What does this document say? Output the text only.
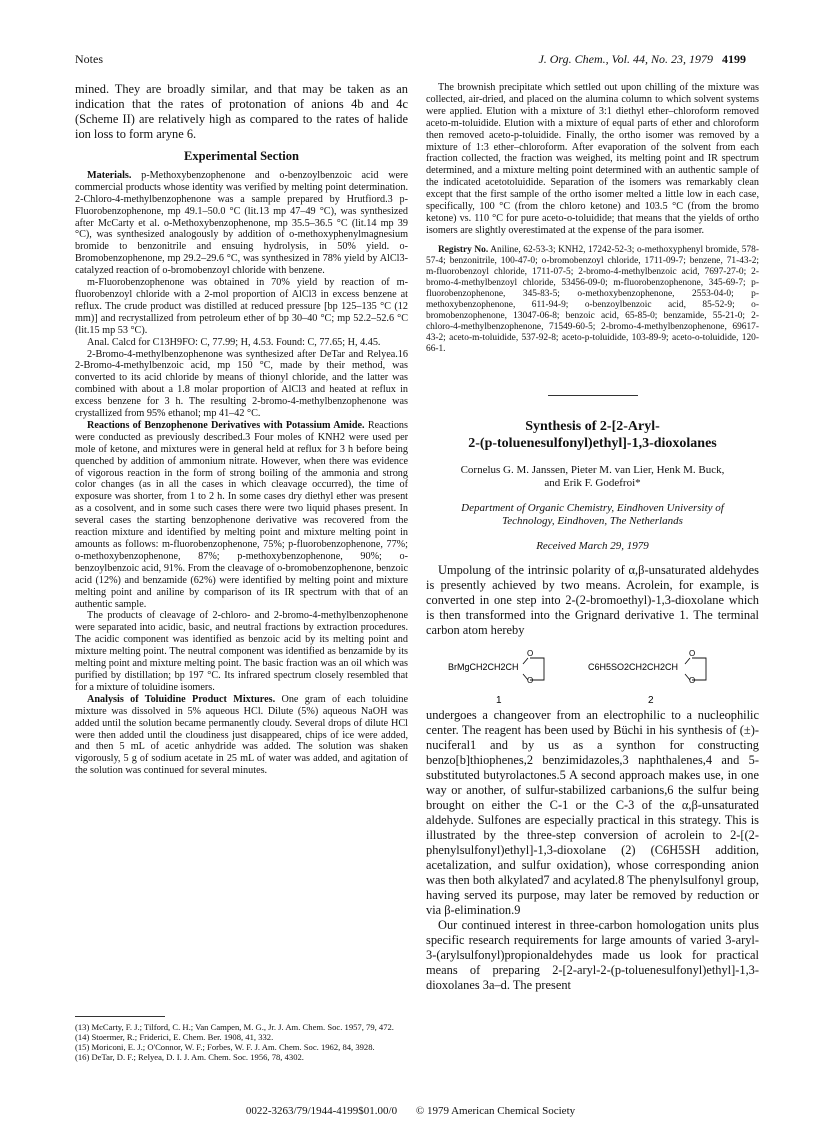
Notes	J. Org. Chem., Vol. 44, No. 23, 1979 4199

mined. They are broadly similar, and that may be taken as an indication that the rates of protonation of anions 4b and 4c (Scheme II) are relatively high as compared to the rates of halide ion loss to form aryne 6.

Experimental Section

Materials. p-Methoxybenzophenone and o-benzoylbenzoic acid were commercial products whose identity was verified by melting point determination. 2-Chloro-4-methylbenzophenone was a sample prepared by Hrutfiord.3 p-Fluorobenzophenone, mp 49.1–50.0 °C (lit.13 mp 47–49 °C), was synthesized after McCarty et al. o-Methoxybenzophenone, mp 35.5–36.5 °C (lit.14 mp 39 °C), was synthesized analogously by addition of o-methoxyphenylmagnesium bromide to benzonitrile and ensuing hydrolysis, in 50% yield. o-Bromobenzophenone, mp 29.2–29.6 °C, was synthesized in 78% yield by AlCl3-catalyzed reaction of o-bromobenzoyl chloride with benzene.

m-Fluorobenzophenone was obtained in 70% yield by reaction of m-fluorobenzoyl chloride with a 2-mol proportion of AlCl3 in excess benzene at reflux. The crude product was distilled at reduced pressure [bp 125–135 °C (12 mm)] and recrystallized from petroleum ether of bp 30–40 °C; mp 52.2–52.6 °C (lit.15 mp 53 °C).

Anal. Calcd for C13H9FO: C, 77.99; H, 4.53. Found: C, 77.65; H, 4.45.

2-Bromo-4-methylbenzophenone was synthesized after DeTar and Relyea.16 2-Bromo-4-methylbenzoic acid, mp 150 °C, made by their method, was converted to its acid chloride by means of thionyl chloride, and the latter was combined with about a 1.8 molar proportion of AlCl3 and heated at reflux in excess benzene for 3 h. The resulting 2-bromo-4-methylbenzophenone was crystallized from 95% ethanol; mp 41–42 °C.

Reactions of Benzophenone Derivatives with Potassium Amide. Reactions were conducted as previously described.3 Four moles of KNH2 were used per mole of ketone, and mixtures were in general held at reflux for 3 h before being quenched by addition of ammonium nitrate. However, when there was evidence of vigorous reaction in the form of strong boiling of the ammonia and strong color changes (as in all the cases in which cleavage occurred), the time of exposure was shorter, from 1 to 2 h. In some cases dry diethyl ether was present as a cosolvent, and in some such cases there were two liquid phases present. In several cases the starting benzophenone derivative was recovered from the reaction mixture and identified by melting point and mixture melting point in amounts as follows: m-fluorobenzophenone, 75%; p-fluorobenzophenone, 77%; o-methoxybenzophenone, 87%; p-methoxybenzophenone, 90%; o-benzoylbenzoic acid, 91%. From the cleavage of o-bromobenzophenone, benzoic acid (12%) and benzamide (62%) were identified by melting point and mixture melting point and aniline by comparison of its IR spectrum with that of an authentic sample.

The products of cleavage of 2-chloro- and 2-bromo-4-methylbenzophenone were separated into acidic, basic, and neutral fractions by extraction procedures. The acidic component was identified as benzoic acid by its melting point and mixture melting point. The neutral component was identified as benzamide by its melting point and mixture melting point. The basic fraction was an oil which was purified by distillation; bp 197 °C. Its infrared spectrum closely resembled that for a mixture of toluidine isomers.

Analysis of Toluidine Product Mixtures. One gram of each toluidine mixture was dissolved in 5% aqueous HCl. Dilute (5%) aqueous NaOH was added until the solution became permanently cloudy. Several drops of dilute HCl were then added until the cloudiness just disappeared, chips of ice were added, and then 5 mL of acetic anhydride was added. The solution was shaken vigorously, 5 g of sodium acetate in 25 mL of water was added, and agitation of the solution was continued for several minutes.

(13) McCarty, F. J.; Tilford, C. H.; Van Campen, M. G., Jr. J. Am. Chem. Soc. 1957, 79, 472.
(14) Stoermer, R.; Friderici, E. Chem. Ber. 1908, 41, 332.
(15) Moriconi, E. J.; O'Connor, W. F.; Forbes, W. F. J. Am. Chem. Soc. 1962, 84, 3928.
(16) DeTar, D. F.; Relyea, D. I. J. Am. Chem. Soc. 1956, 78, 4302.

The brownish precipitate which settled out upon chilling of the mixture was collected, air-dried, and placed on the alumina column to which solvent systems were applied. Elution with a mixture of 3:1 diethyl ether–chloroform removed aceto-m-toluidide. Elution with a mixture of equal parts of ether and chloroform then removed aceto-p-toluidide. Finally, the ortho isomer was removed by a mixture of 1:3 ether–chloroform. After evaporation of the solvent from each fraction collected, the fraction was weighed, its melting point and IR spectrum determined, and a mixture melting point determined with an authentic sample of the indicated acetotoluidide. Separation of the isomers was remarkably clean except that the first sample of the ortho isomer melted a little low in each case, specifically, 100 °C (from the chloro ketone) and 103.5 °C (from the bromo ketone) vs. 110 °C for pure aceto-o-toluidide; that means that the yields of ortho isomers are slightly overestimated at the expense of the para isomer.

Registry No. Aniline, 62-53-3; KNH2, 17242-52-3; o-methoxyphenyl bromide, 578-57-4; benzonitrile, 100-47-0; o-bromobenzoyl chloride, 1711-09-7; benzene, 71-43-2; m-fluorobenzoyl chloride, 1711-07-5; 2-bromo-4-methylbenzoic acid, 7697-27-0; 2-bromo-4-methylbenzoyl chloride, 53456-09-0; m-fluorobenzophenone, 345-69-7; p-fluorobenzophenone, 345-83-5; o-methoxybenzophenone, 2553-04-0; p-methoxybenzophenone, 611-94-9; o-benzoylbenzoic acid, 85-52-9; o-bromobenzophenone, 13047-06-8; benzoic acid, 65-85-0; benzamide, 55-21-0; 2-chloro-4-methylbenzophenone, 71549-60-5; 2-bromo-4-methylbenzophenone, 69617-43-2; aceto-m-toluidide, 537-92-8; aceto-p-toluidide, 103-89-9; aceto-o-toluidide, 120-66-1.

Synthesis of 2-[2-Aryl-
2-(p-toluenesulfonyl)ethyl]-1,3-dioxolanes
Cornelus G. M. Janssen, Pieter M. van Lier, Henk M. Buck,
and Erik F. Godefroi*
Department of Organic Chemistry, Eindhoven University of
Technology, Eindhoven, The Netherlands
Received March 29, 1979

Umpolung of the intrinsic polarity of α,β-unsaturated aldehydes is presently achieved by two means. Acrolein, for example, is converted in one step into 2-(2-bromoethyl)-1,3-dioxolane which is then transformed into the Grignard derivative 1. The terminal carbon atom hereby

BrMgCH2CH2CH
O
O
1
C6H5SO2CH2CH2CH
O
O
2

undergoes a changeover from an electrophilic to a nucleophilic center. The reagent has been used by Büchi in his synthesis of (±)-nuciferal1 and by us as a synthon for constructing benzo[b]thiophenes,2 benzimidazoles,3 naphthalenes,4 and 5-substituted butyrolactones.5 A second approach makes use, in one way or another, of sulfur-stabilized carbanions,6 the sulfur being brought on either the C-1 or the C-3 of the α,β-unsaturated aldehyde. Sulfones are especially practical in this strategy. This is illustrated by the three-step conversion of acrolein to 2-[(2-phenylsulfonyl)ethyl]-1,3-dioxolane (2) (C6H5SH addition, acetalization, and sulfur oxidation), whose corresponding anion was then both alkylated7 and acylated.8 The phenylsulfonyl group, having served its purpose, may later be removed by reduction or via β-elimination.9

Our continued interest in three-carbon homologation units plus specific research requirements for large amounts of varied 3-aryl-3-(arylsulfonyl)propionaldehydes made us look for practical means of preparing 2-[2-aryl-2-(p-toluenesulfonyl)ethyl]-1,3-dioxolanes 3a–d. The present

0022-3263/79/1944-4199$01.00/0 © 1979 American Chemical Society
